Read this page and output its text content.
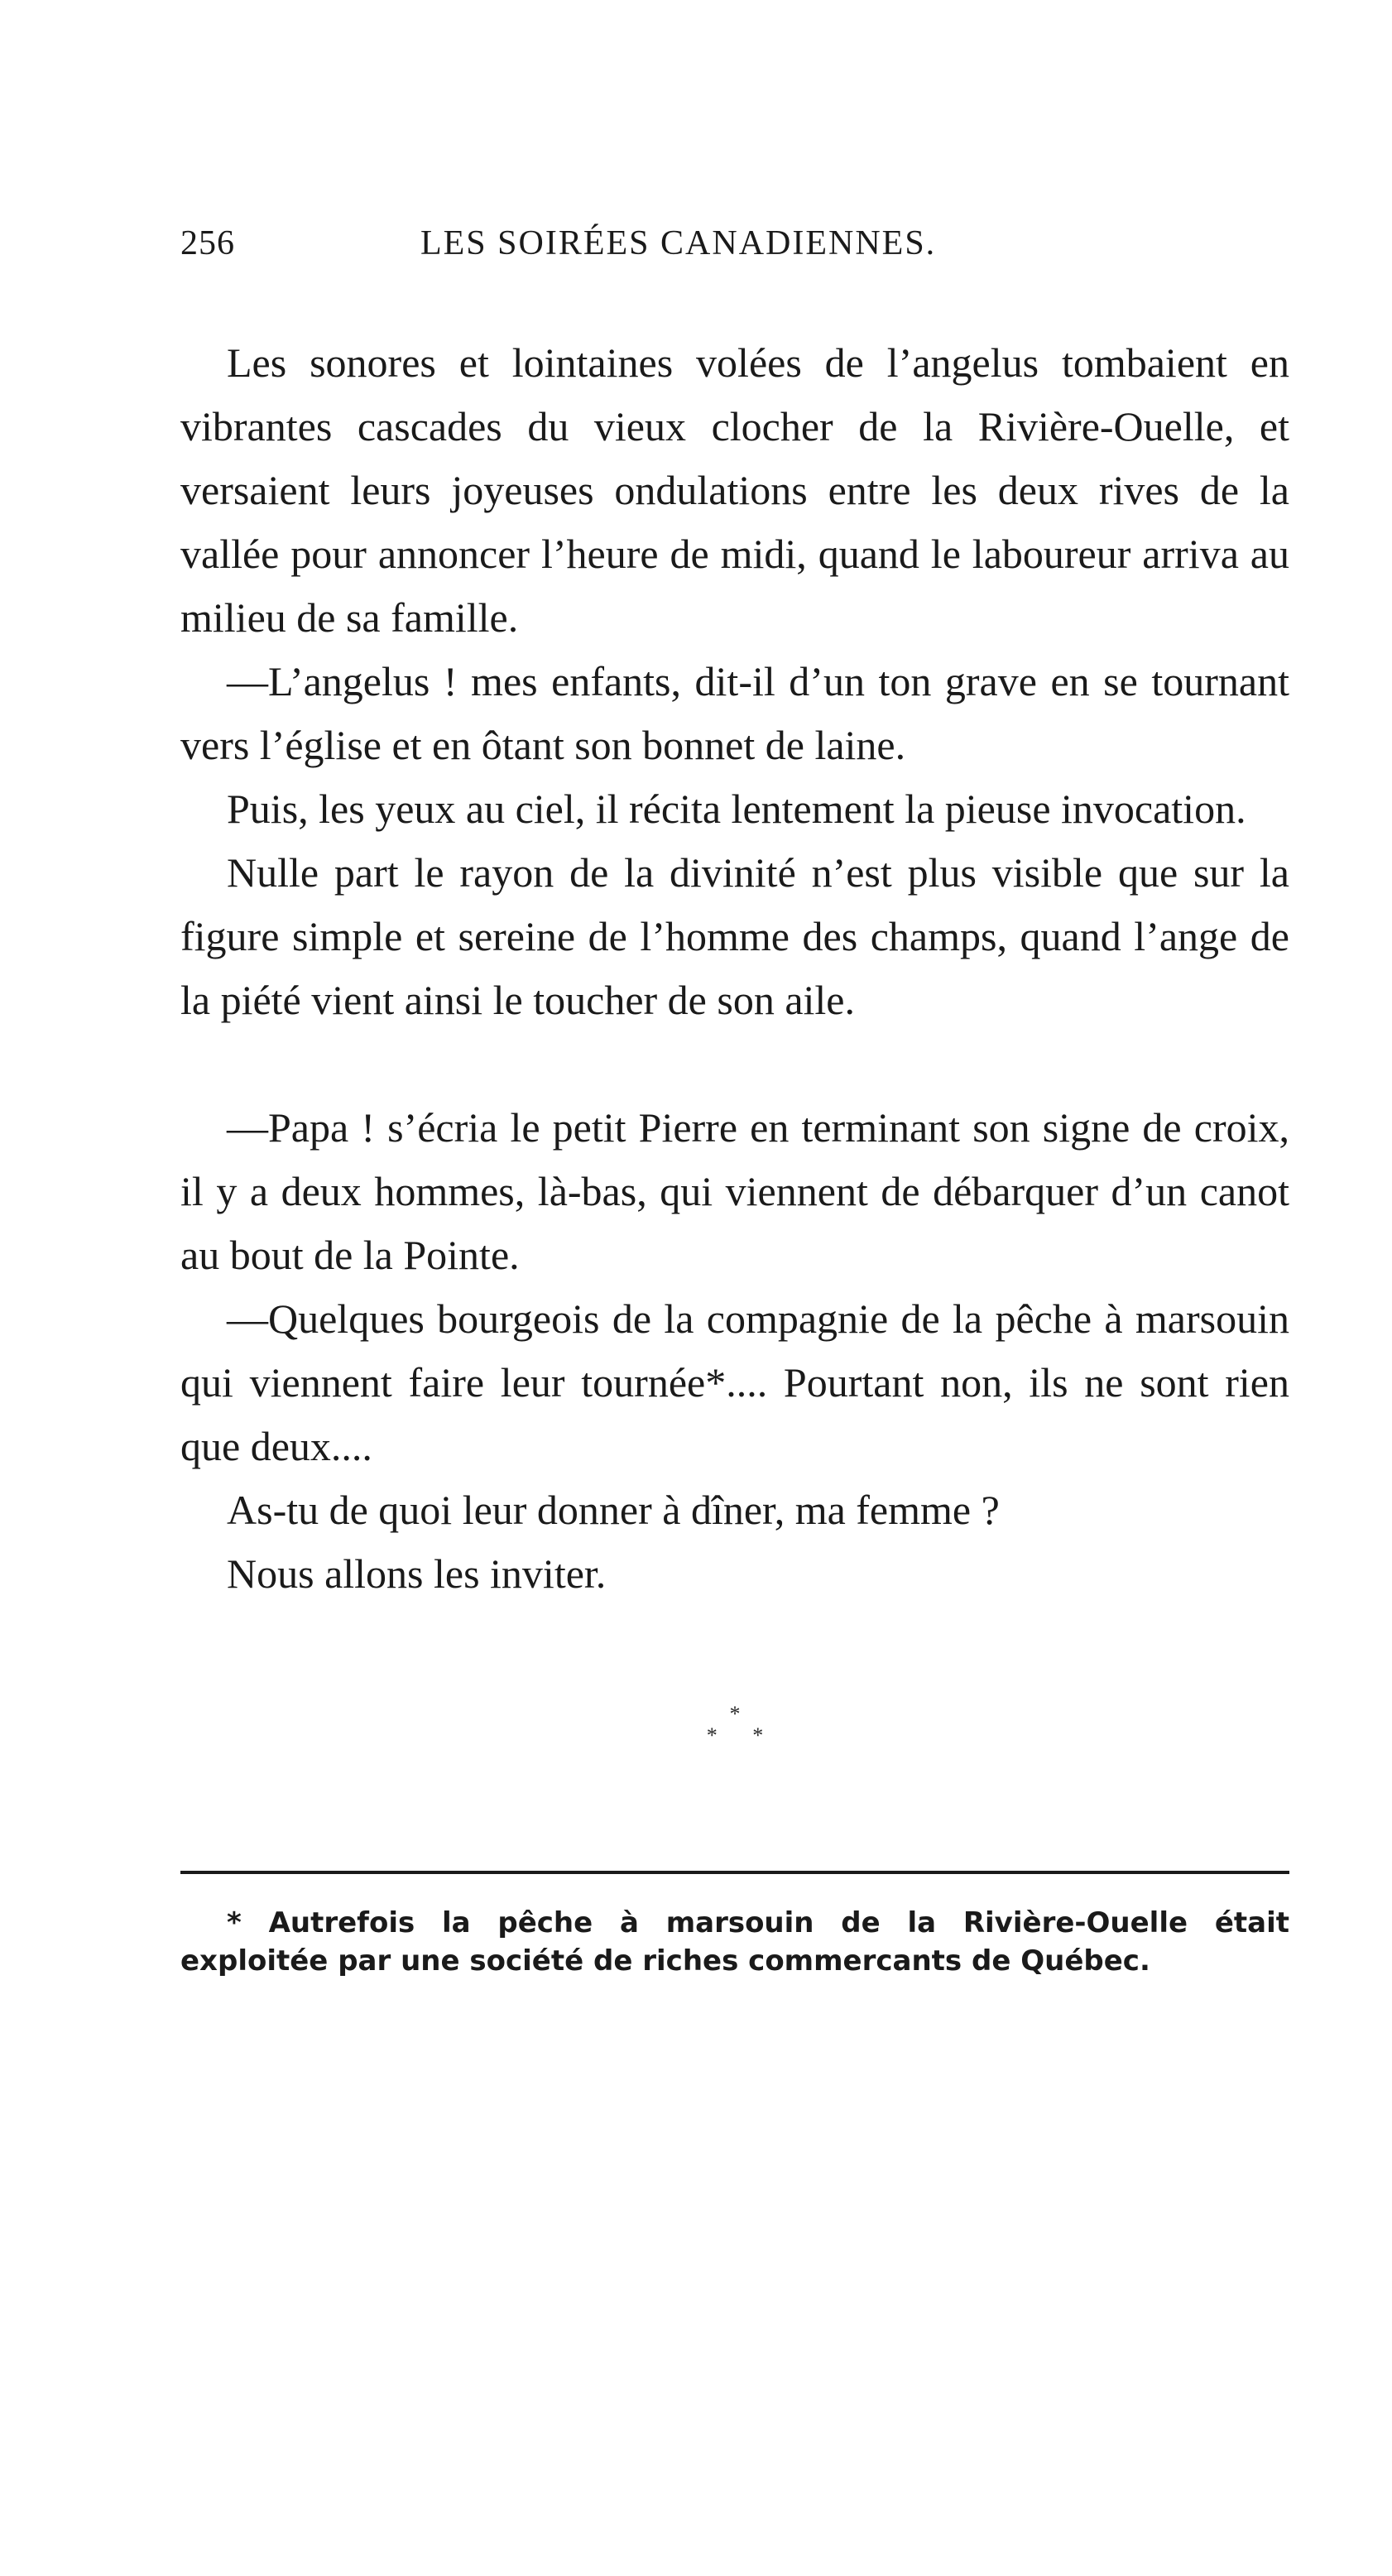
256	LES SOIRÉES CANADIENNES.

Les sonores et lointaines volées de l’angelus tombaient en vibrantes cascades du vieux clocher de la Rivière-Ouelle, et versaient leurs joyeuses ondulations entre les deux rives de la vallée pour annoncer l’heure de midi, quand le laboureur arriva au milieu de sa famille.

—L’angelus ! mes enfants, dit-il d’un ton grave en se tournant vers l’église et en ôtant son bonnet de laine.

Puis, les yeux au ciel, il récita lentement la pieuse invocation.

Nulle part le rayon de la divinité n’est plus visible que sur la figure simple et sereine de l’homme des champs, quand l’ange de la piété vient ainsi le toucher de son aile.

—Papa ! s’écria le petit Pierre en terminant son signe de croix, il y a deux hommes, là-bas, qui viennent de débarquer d’un canot au bout de la Pointe.

—Quelques bourgeois de la compagnie de la pêche à marsouin qui viennent faire leur tournée*.... Pourtant non, ils ne sont rien que deux....

As-tu de quoi leur donner à dîner, ma femme ?

Nous allons les inviter.

*
* *

* Autrefois la pêche à marsouin de la Rivière-Ouelle était exploitée par une société de riches commercants de Québec.
